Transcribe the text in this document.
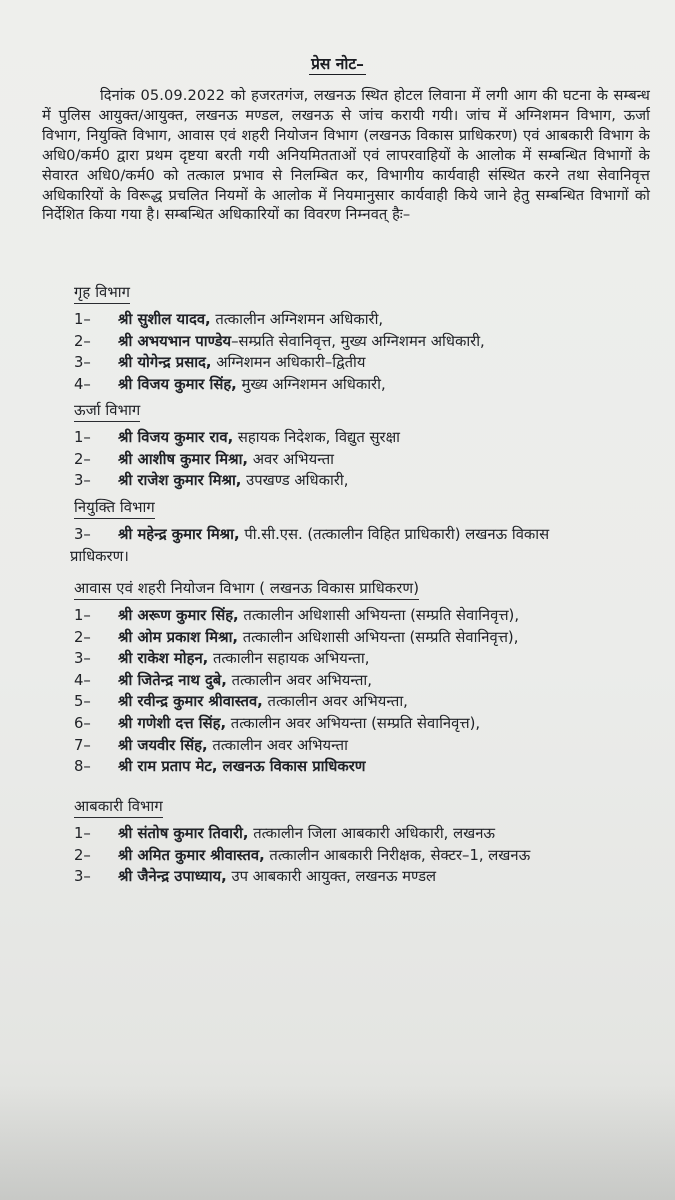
प्रेस नोट–
दिनांक 05.09.2022 को हजरतगंज, लखनऊ स्थित होटल लिवाना में लगी आग की घटना के सम्बन्ध में पुलिस आयुक्त/आयुक्त, लखनऊ मण्डल, लखनऊ से जांच करायी गयी। जांच में अग्निशमन विभाग, ऊर्जा विभाग, नियुक्ति विभाग, आवास एवं शहरी नियोजन विभाग (लखनऊ विकास प्राधिकरण) एवं आबकारी विभाग के अधि0/कर्म0 द्वारा प्रथम दृष्टया बरती गयी अनियमितताओं एवं लापरवाहियों के आलोक में सम्बन्धित विभागों के सेवारत अधि0/कर्म0 को तत्काल प्रभाव से निलम्बित कर, विभागीय कार्यवाही संस्थित करने तथा सेवानिवृत्त अधिकारियों के विरूद्ध प्रचलित नियमों के आलोक में नियमानुसार कार्यवाही किये जाने हेतु सम्बन्धित विभागों को निर्देशित किया गया है। सम्बन्धित अधिकारियों का विवरण निम्नवत् हैः–
गृह विभाग
1–	श्री सुशील यादव, तत्कालीन अग्निशमन अधिकारी,
2–	श्री अभयभान पाण्डेय–सम्प्रति सेवानिवृत्त, मुख्य अग्निशमन अधिकारी,
3–	श्री योगेन्द्र प्रसाद, अग्निशमन अधिकारी–द्वितीय
4–	श्री विजय कुमार सिंह, मुख्य अग्निशमन अधिकारी,
ऊर्जा विभाग
1–	श्री विजय कुमार राव, सहायक निदेशक, विद्युत सुरक्षा
2–	श्री आशीष कुमार मिश्रा, अवर अभियन्ता
3–	श्री राजेश कुमार मिश्रा, उपखण्ड अधिकारी,
नियुक्ति विभाग
3–	श्री महेन्द्र कुमार मिश्रा, पी.सी.एस. (तत्कालीन विहित प्राधिकारी) लखनऊ विकास
प्राधिकरण।
आवास एवं शहरी नियोजन विभाग ( लखनऊ विकास प्राधिकरण)
1–	श्री अरूण कुमार सिंह, तत्कालीन अधिशासी अभियन्ता (सम्प्रति सेवानिवृत्त),
2–	श्री ओम प्रकाश मिश्रा, तत्कालीन अधिशासी अभियन्ता (सम्प्रति सेवानिवृत्त),
3–	श्री राकेश मोहन, तत्कालीन सहायक अभियन्ता,
4–	श्री जितेन्द्र नाथ दुबे, तत्कालीन अवर अभियन्ता,
5–	श्री रवीन्द्र कुमार श्रीवास्तव, तत्कालीन अवर अभियन्ता,
6–	श्री गणेशी दत्त सिंह, तत्कालीन अवर अभियन्ता (सम्प्रति सेवानिवृत्त),
7–	श्री जयवीर सिंह, तत्कालीन अवर अभियन्ता
8–	श्री राम प्रताप मेट, लखनऊ विकास प्राधिकरण
आबकारी विभाग
1–	श्री संतोष कुमार तिवारी, तत्कालीन जिला आबकारी अधिकारी, लखनऊ
2–	श्री अमित कुमार श्रीवास्तव, तत्कालीन आबकारी निरीक्षक, सेक्टर–1, लखनऊ
3–	श्री जैनेन्द्र उपाध्याय, उप आबकारी आयुक्त, लखनऊ मण्डल
